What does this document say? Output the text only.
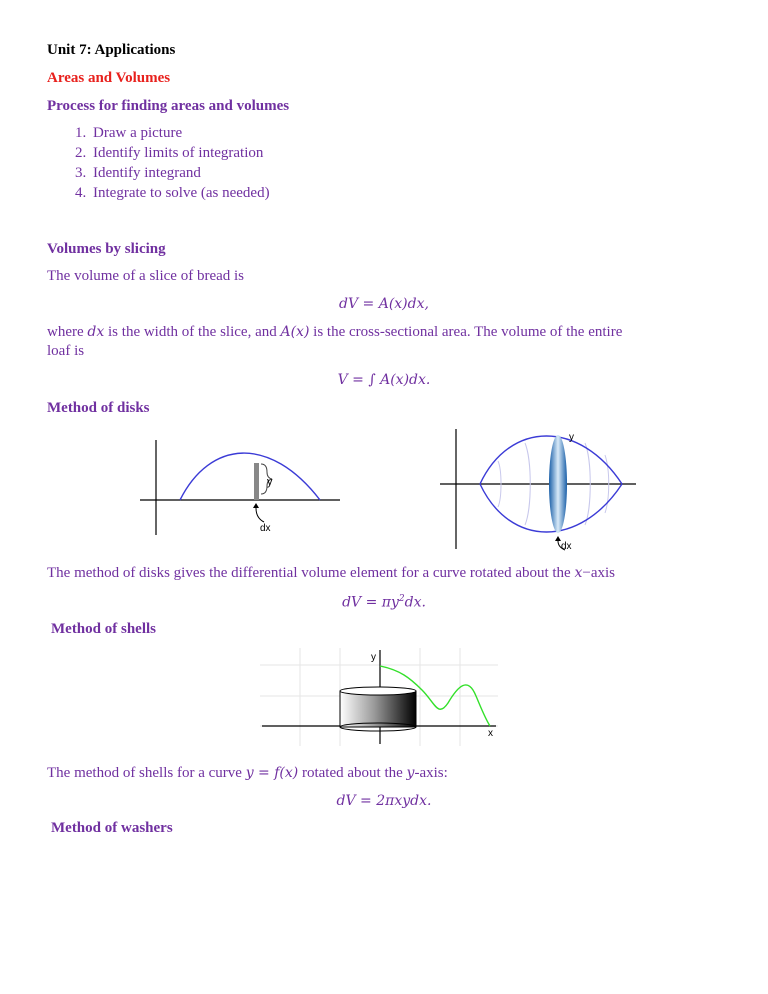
Unit 7: Applications
Areas and Volumes
Process for finding areas and volumes
1. Draw a picture
2. Identify limits of integration
3. Identify integrand
4. Integrate to solve (as needed)
Volumes by slicing
The volume of a slice of bread is
dV = A(x)dx,
where dx is the width of the slice, and A(x) is the cross-sectional area. The volume of the entire
loaf is
V = ∫ A(x)dx.
Method of disks
y
dx
y
dx
The method of disks gives the differential volume element for a curve rotated about the x−axis
dV = $\pi y^2dx$.
Method of shells
y
x
The method of shells for a curve y = f(x) rotated about the y-axis:
dV = 2πxydx.
Method of washers
